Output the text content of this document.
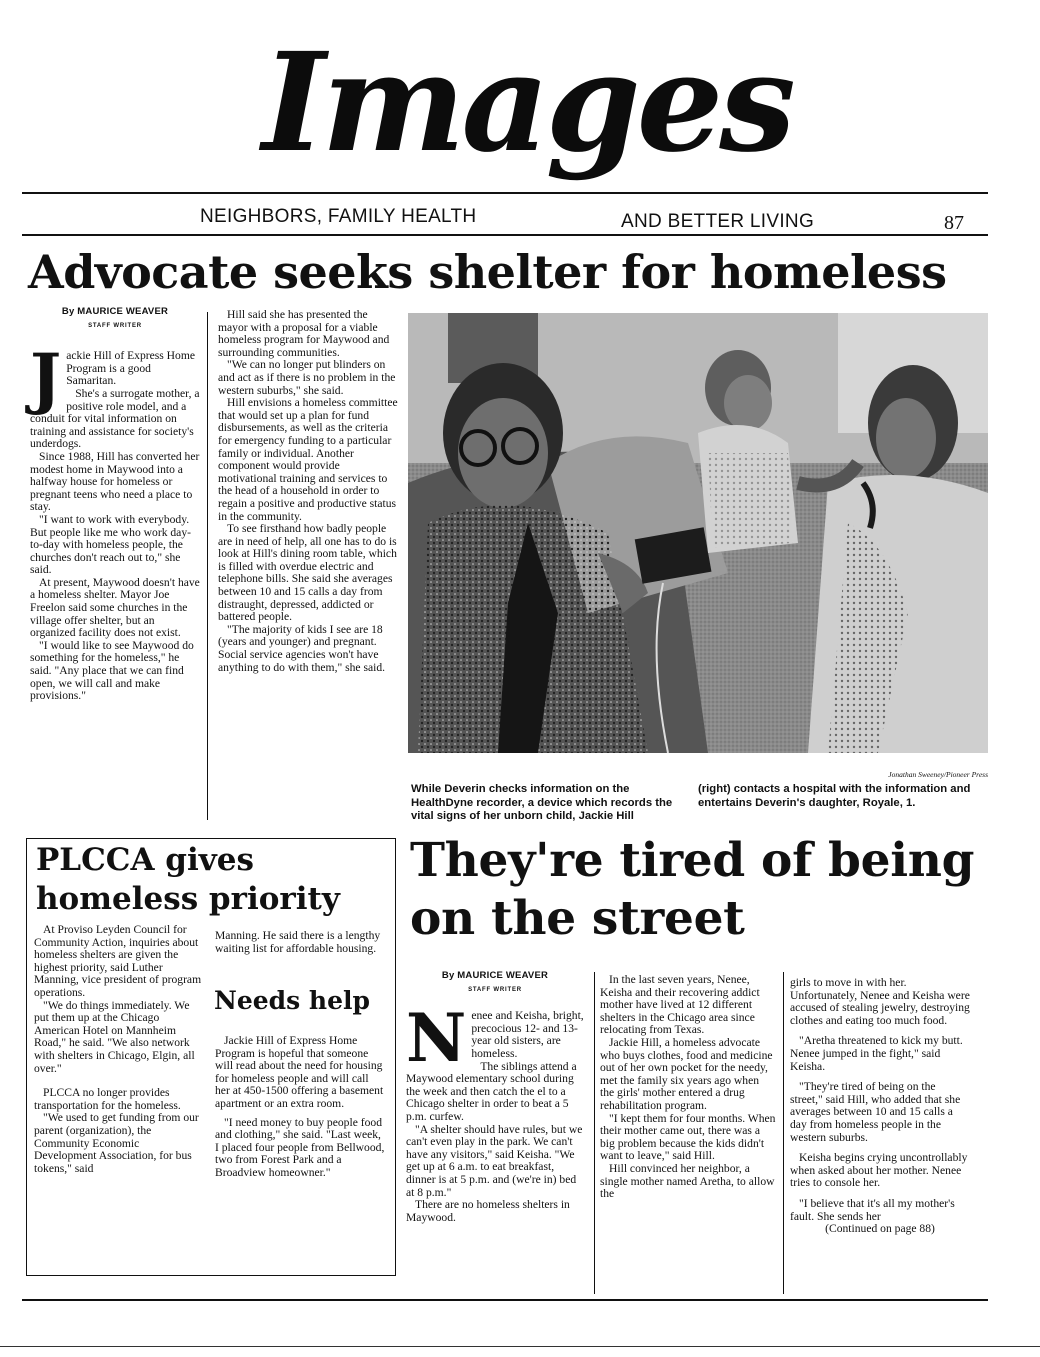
Images
NEIGHBORS, FAMILY HEALTH	AND BETTER LIVING	87
Advocate seeks shelter for homeless
By MAURICE WEAVER
STAFF WRITER
J ackie Hill of Express Home Program is a good Samaritan.

She's a surrogate mother, a positive role model, and a conduit for vital information on training and assistance for society's underdogs.

Since 1988, Hill has converted her modest home in Maywood into a halfway house for homeless or pregnant teens who need a place to stay.

"I want to work with everybody. But people like me who work day-to-day with homeless people, the churches don't reach out to," she said.

At present, Maywood doesn't have a homeless shelter. Mayor Joe Freelon said some churches in the village offer shelter, but an organized facility does not exist.

"I would like to see Maywood do something for the homeless," he said. "Any place that we can find open, we will call and make provisions."

Hill said she has presented the mayor with a proposal for a viable homeless program for Maywood and surrounding communities.

"We can no longer put blinders on and act as if there is no problem in the western suburbs," she said.

Hill envisions a homeless committee that would set up a plan for fund disbursements, as well as the criteria for emergency funding to a particular family or individual. Another component would provide motivational training and services to the head of a household in order to regain a positive and productive status in the community.

To see firsthand how badly people are in need of help, all one has to do is look at Hill's dining room table, which is filled with overdue electric and telephone bills. She said she averages between 10 and 15 calls a day from distraught, depressed, addicted or battered people.

"The majority of kids I see are 18 (years and younger) and pregnant. Social service agencies won't have anything to do with them," she said.

Jonathan Sweeney/Pioneer Press
While Deverin checks information on the HealthDyne recorder, a device which records the vital signs of her unborn child, Jackie Hill
(right) contacts a hospital with the information and entertains Deverin's daughter, Royale, 1.
PLCCA gives homeless priority

At Proviso Leyden Council for Community Action, inquiries about homeless shelters are given the highest priority, said Luther Manning, vice president of program operations.

"We do things immediately. We put them up at the Chicago American Hotel on Mannheim Road," he said. "We also network with shelters in Chicago, Elgin, all over."

PLCCA no longer provides transportation for the homeless.

"We used to get funding from our parent (organization), the Community Economic Development Association, for bus tokens," said

Manning. He said there is a lengthy waiting list for affordable housing.

Needs help

Jackie Hill of Express Home Program is hopeful that someone will read about the need for housing for homeless people and will call her at 450-1500 offering a basement apartment or an extra room.

"I need money to buy people food and clothing," she said. "Last week, I placed four people from Bellwood, two from Forest Park and a Broadview homeowner."

They're tired of being on the street
By MAURICE WEAVER
STAFF WRITER
N enee and Keisha, bright, precocious 12- and 13-year old sisters, are homeless.

The siblings attend a Maywood elementary school during the week and then catch the el to a Chicago shelter in order to beat a 5 p.m. curfew.

"A shelter should have rules, but we can't even play in the park. We can't have any visitors," said Keisha. "We get up at 6 a.m. to eat breakfast, dinner is at 5 p.m. and (we're in) bed at 8 p.m."

There are no homeless shelters in Maywood.

In the last seven years, Nenee, Keisha and their recovering addict mother have lived at 12 different shelters in the Chicago area since relocating from Texas.

Jackie Hill, a homeless advocate who buys clothes, food and medicine out of her own pocket for the needy, met the family six years ago when the girls' mother entered a drug rehabilitation program.

"I kept them for four months. When their mother came out, there was a big problem because the kids didn't want to leave," said Hill.

Hill convinced her neighbor, a single mother named Aretha, to allow the

girls to move in with her. Unfortunately, Nenee and Keisha were accused of stealing jewelry, destroying clothes and eating too much food.

"Aretha threatened to kick my butt. Nenee jumped in the fight," said Keisha.

"They're tired of being on the street," said Hill, who added that she averages between 10 and 15 calls a day from homeless people in the western suburbs.

Keisha begins crying uncontrollably when asked about her mother. Nenee tries to console her.

"I believe that it's all my mother's fault. She sends her

(Continued on page 88)
